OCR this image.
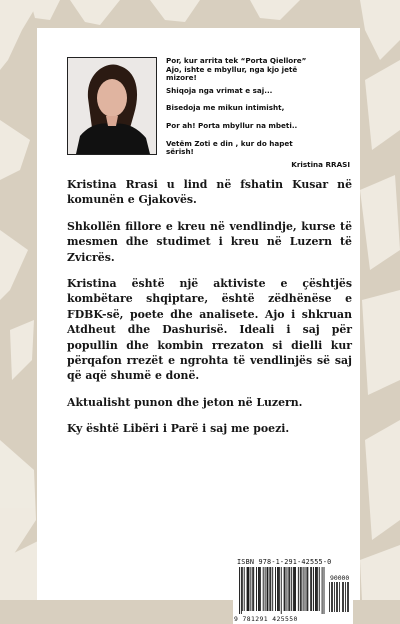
Por, kur arrita tek “Porta Qiellore”
Ajo, ishte e mbyllur, nga kjo jetë
mizore!

Shiqoja nga vrimat e saj...

Bisedoja me mikun intimisht,

Por ah! Porta mbyllur na mbeti..

Vetëm Zoti e din , kur do hapet
sërish!

Kristina RRASI

Kristina Rrasi u lind në fshatin Kusar në komunën e Gjakovës.

Shkollën fillore e kreu në vendlindje, kurse të mesmen dhe studimet i kreu në Luzern të Zvicrës.

Kristina është një aktiviste e çështjës kombëtare shqiptare, është zëdhënëse e FDBK-së, poete dhe analisete. Ajo i shkruan Atdheut dhe Dashurisë. Ideali i saj për popullin dhe kombin rrezaton si dielli kur përqafon rrezët e ngrohta të vendlinjës së saj që aqë shumë e donë.

Aktualisht punon dhe jeton në Luzern.

Ky është Libëri i Parë i saj me poezi.

ISBN 978-1-291-42555-0
90000
9 781291 425550
